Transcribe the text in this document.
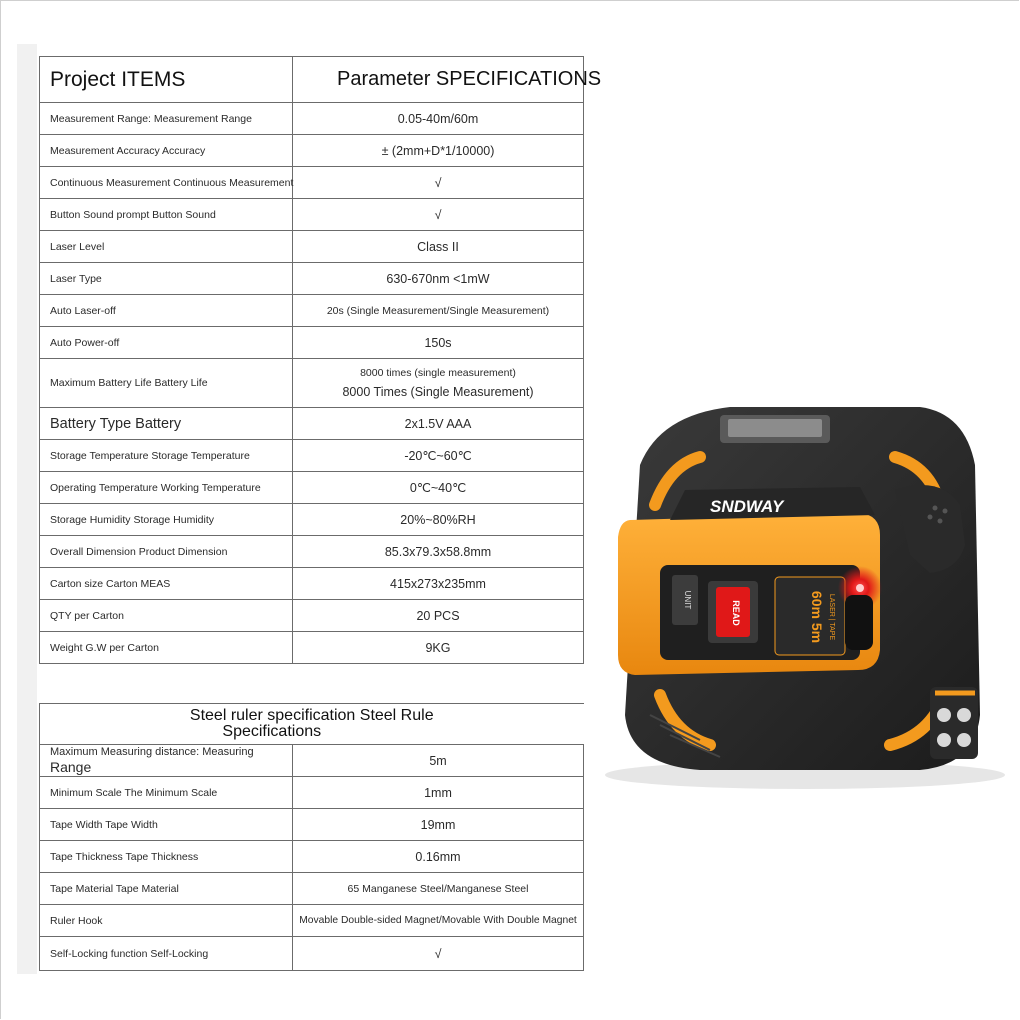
Project ITEMS	Parameter SPECIFICATIONS
Measurement Range: Measurement Range	0.05-40m/60m
Measurement Accuracy Accuracy	± (2mm+D*1/10000)
Continuous Measurement Continuous Measurement	√
Button Sound prompt Button Sound	√
Laser Level	Class II
Laser Type	630-670nm <1mW
Auto Laser-off	20s (Single Measurement/Single Measurement)
Auto Power-off	150s
Maximum Battery Life Battery Life	8000 times (single measurement)
8000 Times (Single Measurement)

Battery Type Battery	2x1.5V AAA
Storage Temperature Storage Temperature	-20℃~60℃
Operating Temperature Working Temperature	0℃~40℃
Storage Humidity Storage Humidity	20%~80%RH
Overall Dimension Product Dimension	85.3x79.3x58.8mm
Carton size Carton MEAS	415x273x235mm
QTY per Carton	20 PCS
Weight G.W per Carton	9KG
Steel ruler specification Steel Rule
Specifications	

Maximum Measuring distance: Measuring
Range	5m
Minimum Scale The Minimum Scale	1mm
Tape Width Tape Width	19mm
Tape Thickness Tape Thickness	0.16mm
Tape Material Tape Material	65 Manganese Steel/Manganese Steel
Ruler Hook	Movable Double-sided Magnet/Movable With Double Magnet
Self-Locking function Self-Locking	√
SNDWAY
UNIT
READ	60m 5m LASER | TAPE
